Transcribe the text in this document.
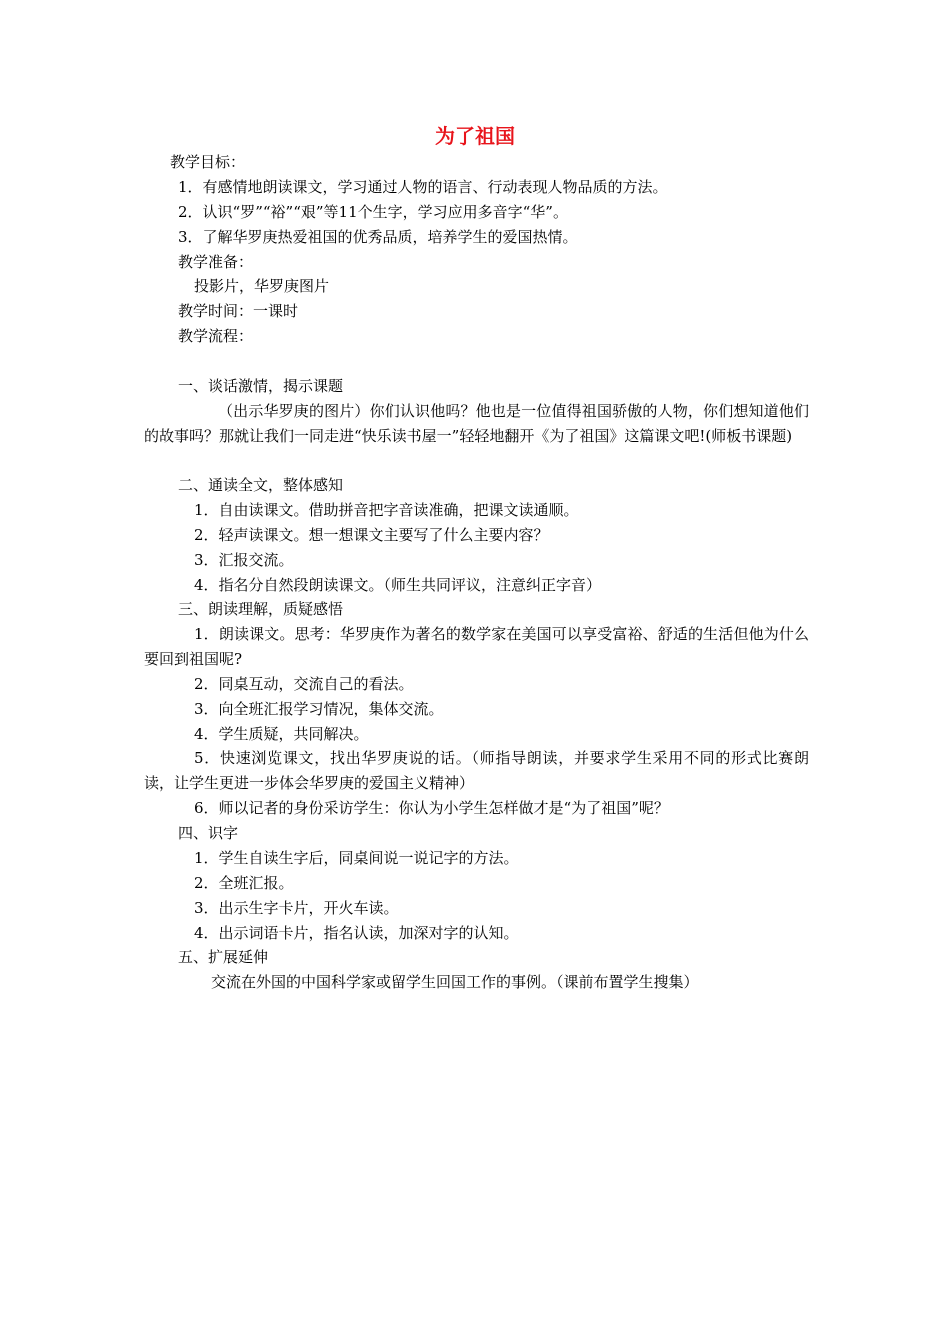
为了祖国
教学目标：
1．有感情地朗读课文，学习通过人物的语言、行动表现人物品质的方法。
2．认识“罗”“裕”“艰”等11个生字，学习应用多音字“华”。
3．了解华罗庚热爱祖国的优秀品质，培养学生的爱国热情。
教学准备：
投影片，华罗庚图片
教学时间：一课时
教学流程：
一、谈话激情，揭示课题
（出示华罗庚的图片）你们认识他吗？他也是一位值得祖国骄傲的人物，你们想知道他们的故事吗？那就让我们一同走进“快乐读书屋一”轻轻地翻开《为了祖国》这篇课文吧!(师板书课题)
二、通读全文，整体感知
1．自由读课文。借助拼音把字音读准确，把课文读通顺。
2．轻声读课文。想一想课文主要写了什么主要内容？
3．汇报交流。
4．指名分自然段朗读课文。（师生共同评议，注意纠正字音）
三、朗读理解，质疑感悟
1．朗读课文。思考：华罗庚作为著名的数学家在美国可以享受富裕、舒适的生活但他为什么要回到祖国呢?
2．同桌互动，交流自己的看法。
3．向全班汇报学习情况，集体交流。
4．学生质疑，共同解决。
5．快速浏览课文，找出华罗庚说的话。（师指导朗读，并要求学生采用不同的形式比赛朗读，让学生更进一步体会华罗庚的爱国主义精神）
6．师以记者的身份采访学生：你认为小学生怎样做才是“为了祖国”呢？
四、识字
1．学生自读生字后，同桌间说一说记字的方法。
2．全班汇报。
3．出示生字卡片，开火车读。
4．出示词语卡片，指名认读，加深对字的认知。
五、扩展延伸
交流在外国的中国科学家或留学生回国工作的事例。（课前布置学生搜集）
